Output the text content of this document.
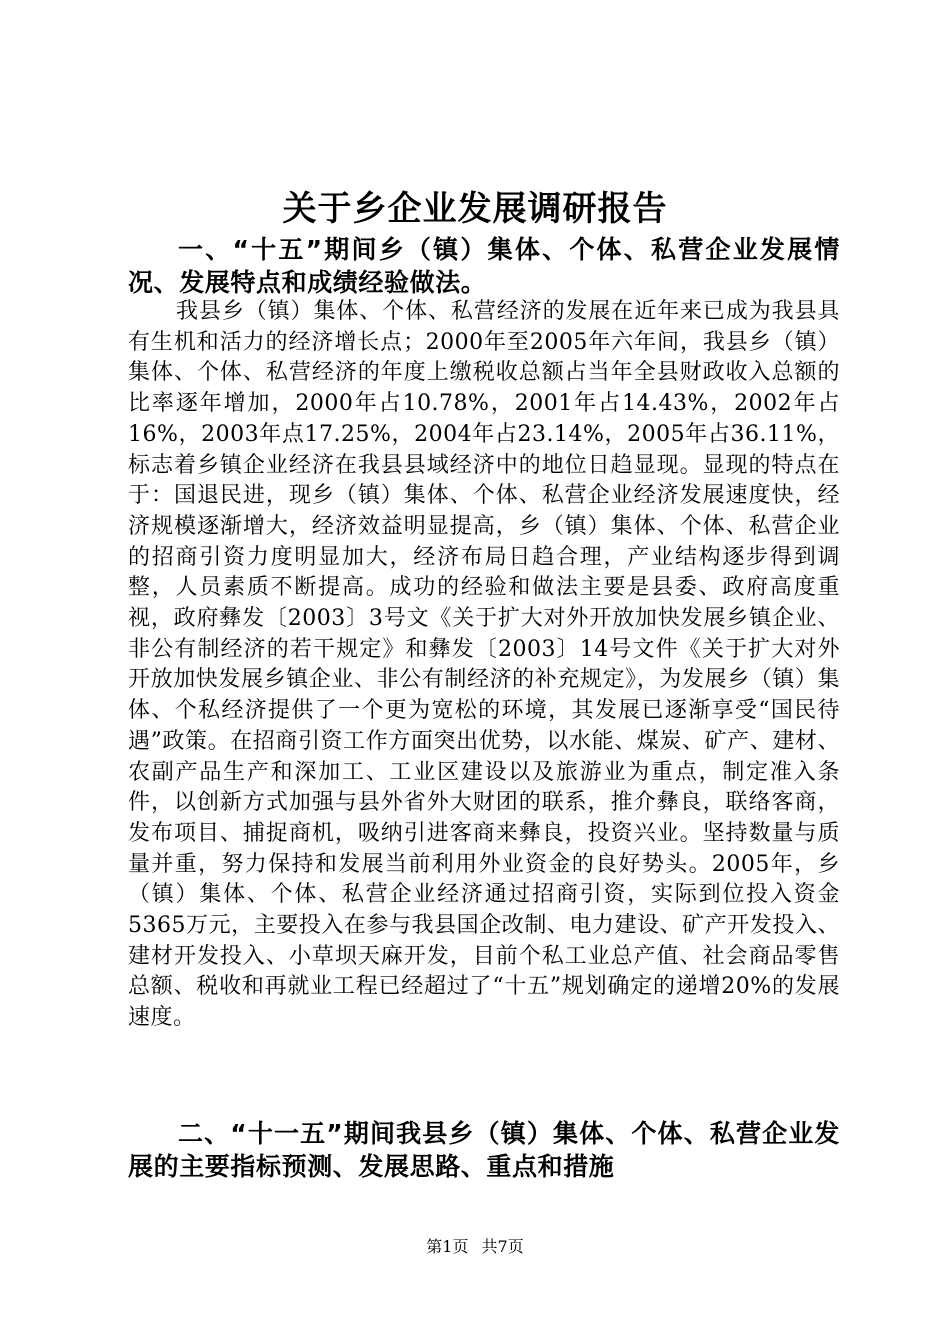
关于乡企业发展调研报告
一、“十五”期间乡（镇）集体、个体、私营企业发展情况、发展特点和成绩经验做法。

我县乡（镇）集体、个体、私营经济的发展在近年来已成为我县具有生机和活力的经济增长点；2000年至2005年六年间，我县乡（镇）集体、个体、私营经济的年度上缴税收总额占当年全县财政收入总额的比率逐年增加，2000年占10.78%，2001年占14.43%，2002年占16%，2003年点17.25%，2004年占23.14%，2005年占36.11%，标志着乡镇企业经济在我县县域经济中的地位日趋显现。显现的特点在于：国退民进，现乡（镇）集体、个体、私营企业经济发展速度快，经济规模逐渐增大，经济效益明显提高，乡（镇）集体、个体、私营企业的招商引资力度明显加大，经济布局日趋合理，产业结构逐步得到调整，人员素质不断提高。成功的经验和做法主要是县委、政府高度重视，政府彝发〔2003〕3号文《关于扩大对外开放加快发展乡镇企业、非公有制经济的若干规定》和彝发〔2003〕14号文件《关于扩大对外开放加快发展乡镇企业、非公有制经济的补充规定》，为发展乡（镇）集体、个私经济提供了一个更为宽松的环境，其发展已逐渐享受“国民待遇”政策。在招商引资工作方面突出优势，以水能、煤炭、矿产、建材、农副产品生产和深加工、工业区建设以及旅游业为重点，制定准入条件，以创新方式加强与县外省外大财团的联系，推介彝良，联络客商，发布项目、捕捉商机，吸纳引进客商来彝良，投资兴业。坚持数量与质量并重，努力保持和发展当前利用外业资金的良好势头。2005年，乡（镇）集体、个体、私营企业经济通过招商引资，实际到位投入资金5365万元，主要投入在参与我县国企改制、电力建设、矿产开发投入、建材开发投入、小草坝天麻开发，目前个私工业总产值、社会商品零售总额、税收和再就业工程已经超过了“十五”规划确定的递增20%的发展速度。

二、“十一五”期间我县乡（镇）集体、个体、私营企业发展的主要指标预测、发展思路、重点和措施
第1页 共7页
